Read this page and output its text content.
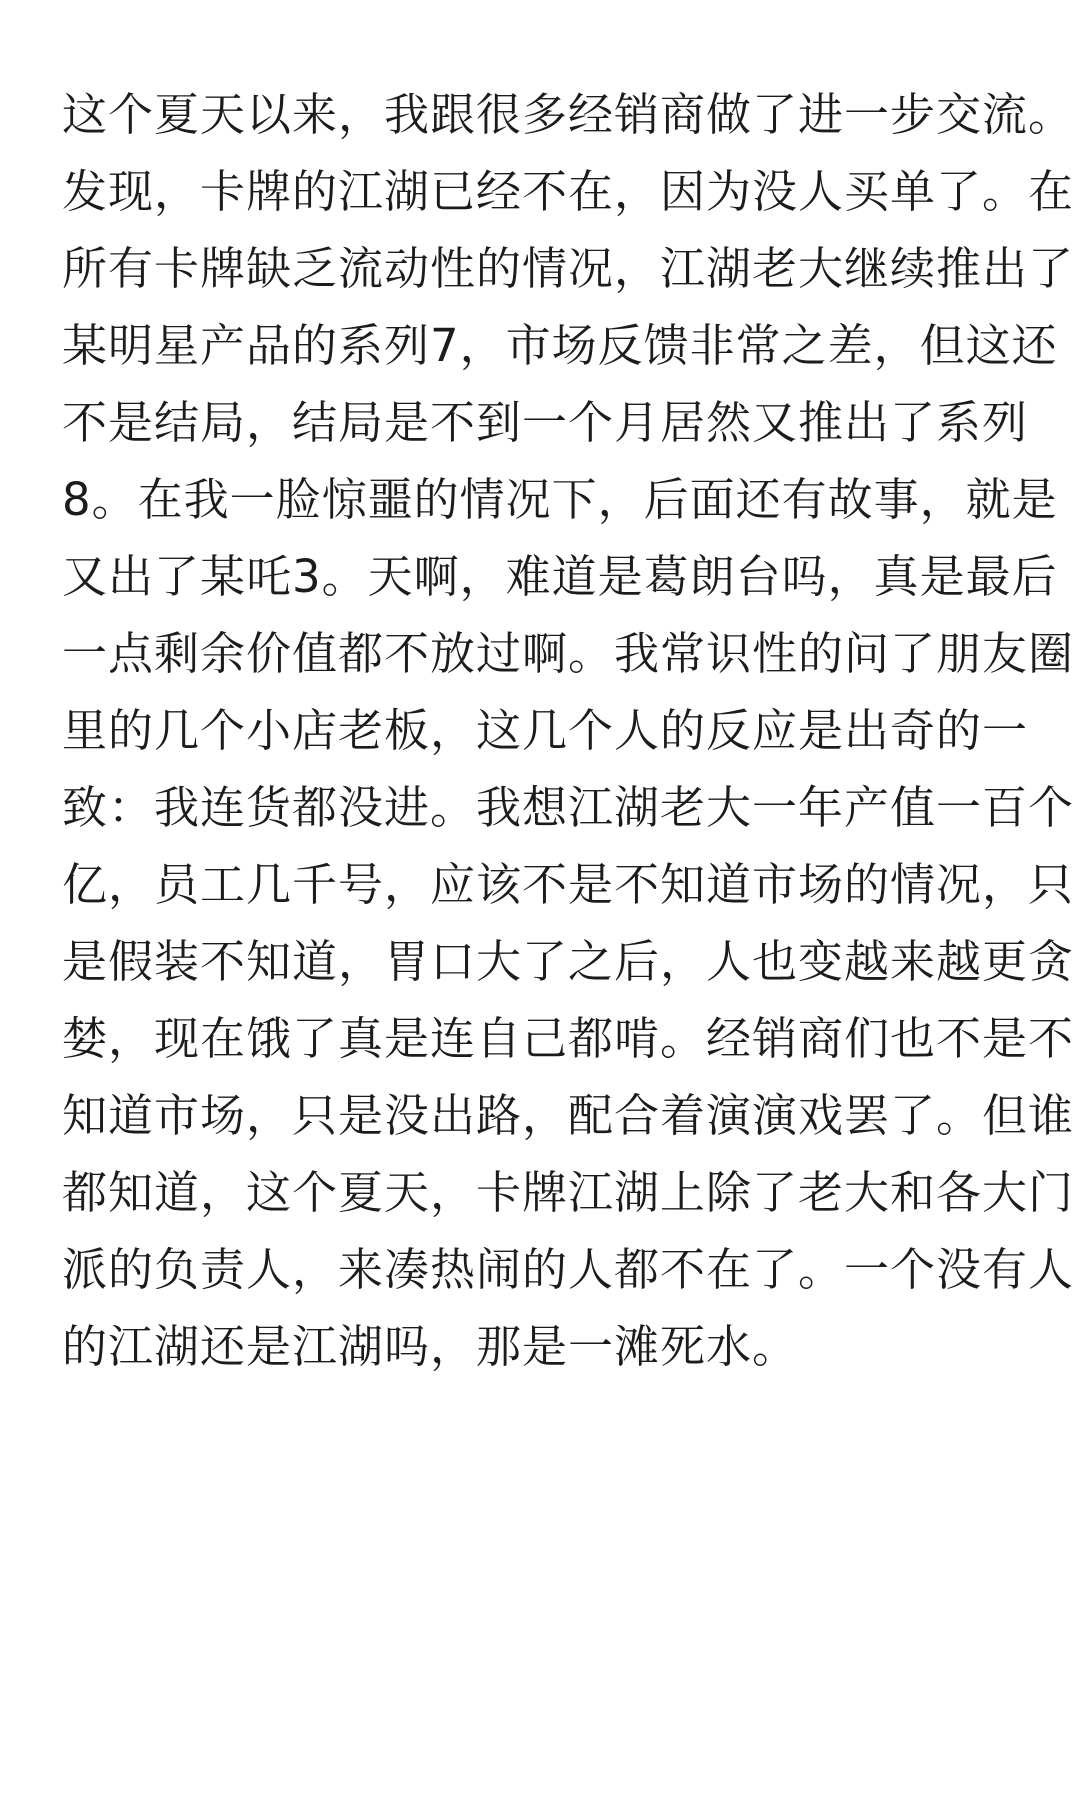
这个夏天以来，我跟很多经销商做了进一步交流。
发现，卡牌的江湖已经不在，因为没人买单了。在
所有卡牌缺乏流动性的情况，江湖老大继续推出了
某明星产品的系列7，市场反馈非常之差，但这还
不是结局，结局是不到一个月居然又推出了系列
8。在我一脸惊噩的情况下，后面还有故事，就是
又出了某吒3。天啊，难道是葛朗台吗，真是最后
一点剩余价值都不放过啊。我常识性的问了朋友圈
里的几个小店老板，这几个人的反应是出奇的一
致：我连货都没进。我想江湖老大一年产值一百个
亿，员工几千号，应该不是不知道市场的情况，只
是假装不知道，胃口大了之后，人也变越来越更贪
婪，现在饿了真是连自己都啃。经销商们也不是不
知道市场，只是没出路，配合着演演戏罢了。但谁
都知道，这个夏天，卡牌江湖上除了老大和各大门
派的负责人，来凑热闹的人都不在了。一个没有人
的江湖还是江湖吗，那是一滩死水。
